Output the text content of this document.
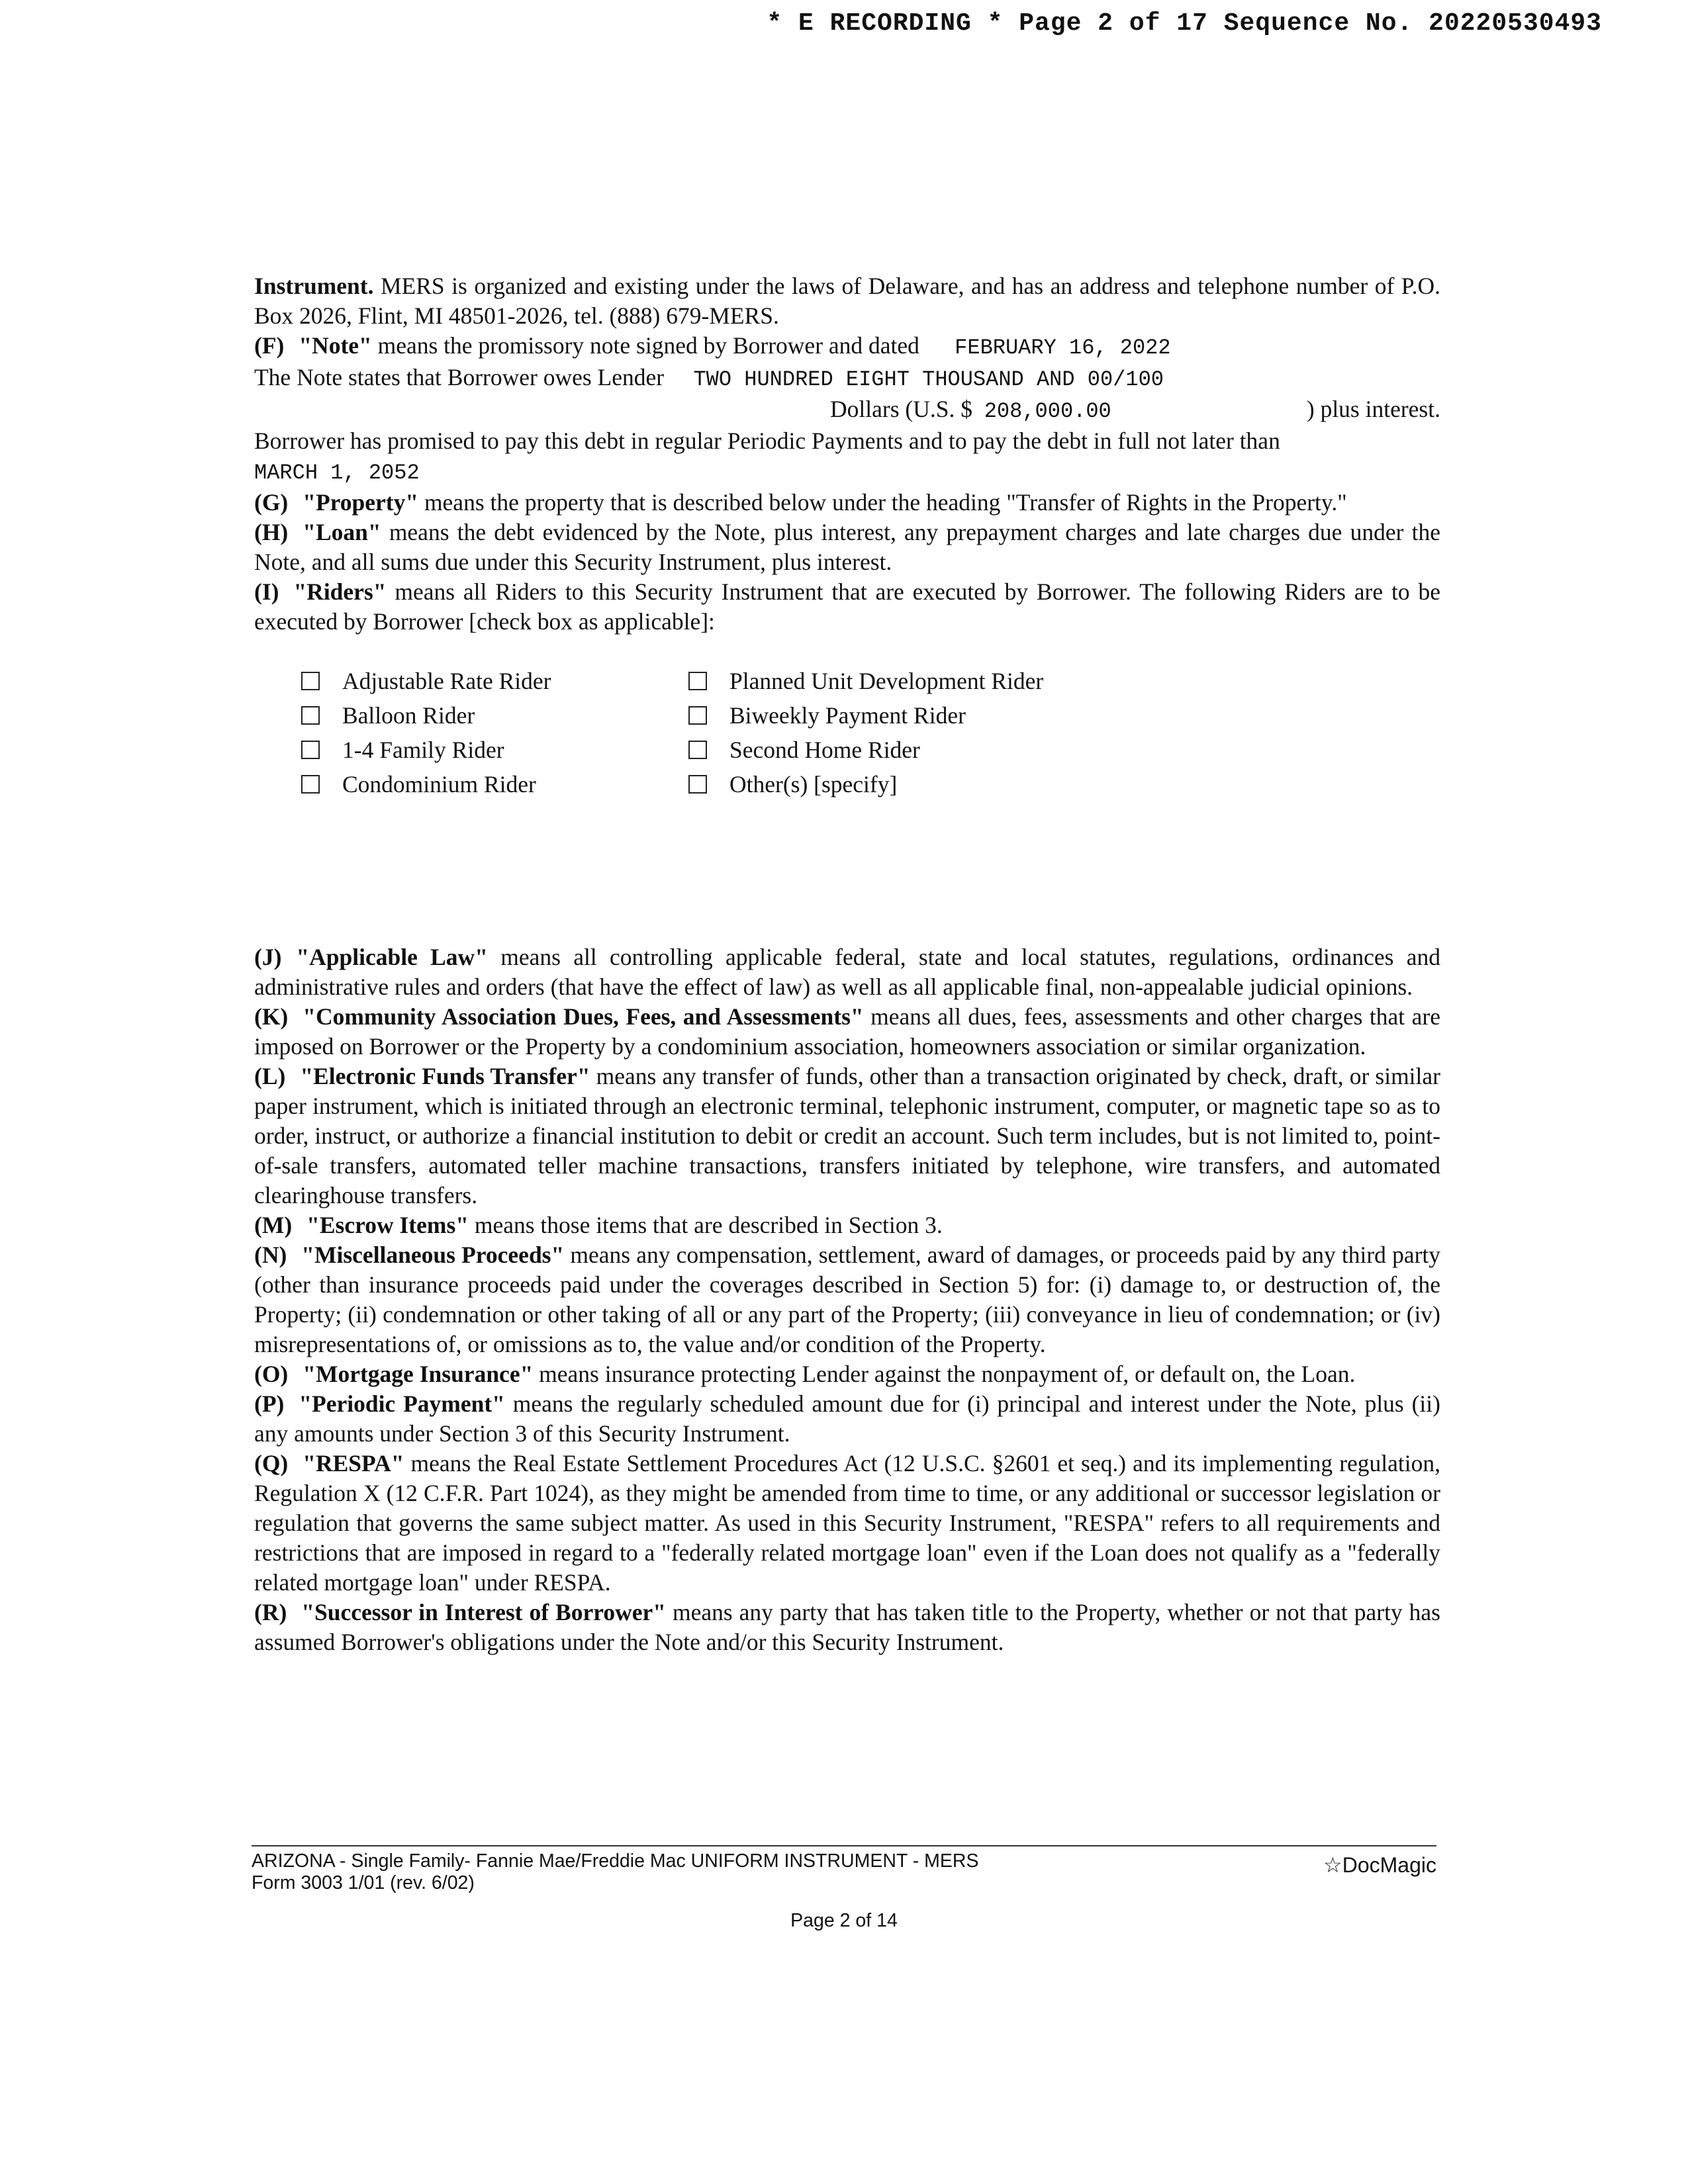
* E RECORDING * Page 2 of 17 Sequence No. 20220530493

Instrument. MERS is organized and existing under the laws of Delaware, and has an address and telephone number of P.O. Box 2026, Flint, MI 48501-2026, tel. (888) 679-MERS.

(F) "Note" means the promissory note signed by Borrower and dated FEBRUARY 16, 2022

The Note states that Borrower owes Lender TWO HUNDRED EIGHT THOUSAND AND 00/100

Dollars (U.S. $
208,000.00	) plus interest.

Borrower has promised to pay this debt in regular Periodic Payments and to pay the debt in full not later than
MARCH 1, 2052

(G) "Property" means the property that is described below under the heading "Transfer of Rights in the Property."

(H) "Loan" means the debt evidenced by the Note, plus interest, any prepayment charges and late charges due under the Note, and all sums due under this Security Instrument, plus interest.

(I) "Riders" means all Riders to this Security Instrument that are executed by Borrower. The following Riders are to be executed by Borrower [check box as applicable]:

Adjustable Rate Rider	Planned Unit Development Rider
Balloon Rider	Biweekly Payment Rider
1-4 Family Rider	Second Home Rider
Condominium Rider	Other(s) [specify]

(J) "Applicable Law" means all controlling applicable federal, state and local statutes, regulations, ordinances and administrative rules and orders (that have the effect of law) as well as all applicable final, non-appealable judicial opinions.

(K) "Community Association Dues, Fees, and Assessments" means all dues, fees, assessments and other charges that are imposed on Borrower or the Property by a condominium association, homeowners association or similar organization.

(L) "Electronic Funds Transfer" means any transfer of funds, other than a transaction originated by check, draft, or similar paper instrument, which is initiated through an electronic terminal, telephonic instrument, computer, or magnetic tape so as to order, instruct, or authorize a financial institution to debit or credit an account. Such term includes, but is not limited to, point-of-sale transfers, automated teller machine transactions, transfers initiated by telephone, wire transfers, and automated clearinghouse transfers.

(M) "Escrow Items" means those items that are described in Section 3.

(N) "Miscellaneous Proceeds" means any compensation, settlement, award of damages, or proceeds paid by any third party (other than insurance proceeds paid under the coverages described in Section 5) for: (i) damage to, or destruction of, the Property; (ii) condemnation or other taking of all or any part of the Property; (iii) conveyance in lieu of condemnation; or (iv) misrepresentations of, or omissions as to, the value and/or condition of the Property.

(O) "Mortgage Insurance" means insurance protecting Lender against the nonpayment of, or default on, the Loan.

(P) "Periodic Payment" means the regularly scheduled amount due for (i) principal and interest under the Note, plus (ii) any amounts under Section 3 of this Security Instrument.

(Q) "RESPA" means the Real Estate Settlement Procedures Act (12 U.S.C. §2601 et seq.) and its implementing regulation, Regulation X (12 C.F.R. Part 1024), as they might be amended from time to time, or any additional or successor legislation or regulation that governs the same subject matter. As used in this Security Instrument, "RESPA" refers to all requirements and restrictions that are imposed in regard to a "federally related mortgage loan" even if the Loan does not qualify as a "federally related mortgage loan" under RESPA.

(R) "Successor in Interest of Borrower" means any party that has taken title to the Property, whether or not that party has assumed Borrower's obligations under the Note and/or this Security Instrument.

ARIZONA - Single Family- Fannie Mae/Freddie Mac UNIFORM INSTRUMENT - MERS
Form 3003 1/01 (rev. 6/02)
☆DocMagic
Page 2 of 14
